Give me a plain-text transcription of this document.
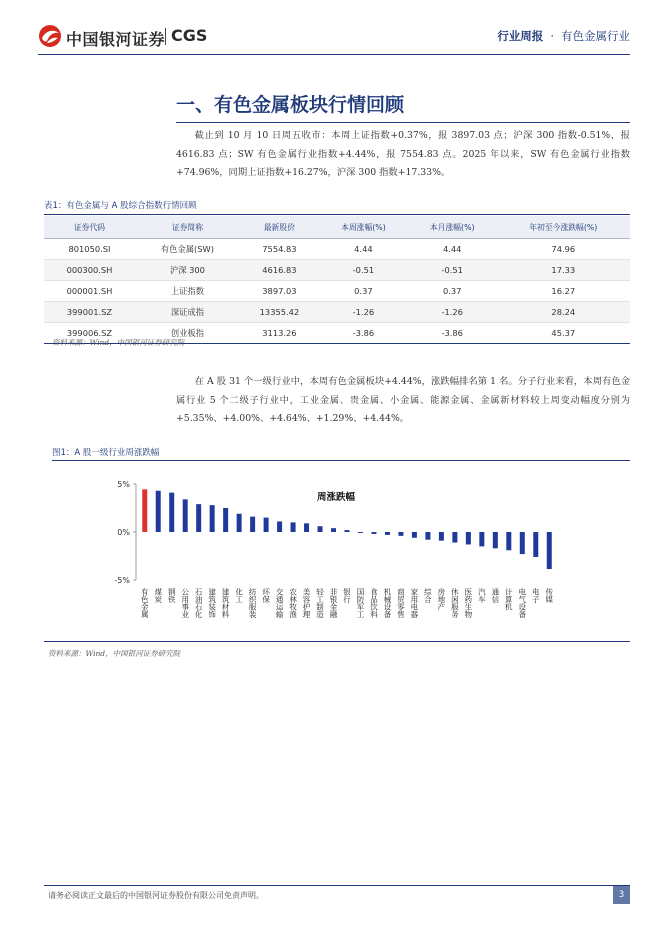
中国银河证券 CGS	行业周报 · 有色金属行业
一、有色金属板块行情回顾

截止到 10 月 10 日周五收市：本周上证指数+0.37%，报 3897.03 点；沪深 300 指数-0.51%，报 4616.83 点；SW 有色金属行业指数+4.44%，报 7554.83 点。2025 年以来，SW 有色金属行业指数+74.96%，同期上证指数+16.27%，沪深 300 指数+17.33%。

表1：有色金属与 A 股综合指数行情回顾
证券代码	证券简称	最新股价	本周涨幅(%)	本月涨幅(%)	年初至今涨跌幅(%)
801050.SI	有色金属(SW)	7554.83	4.44	4.44	74.96
000300.SH	沪深 300	4616.83	-0.51	-0.51	17.33
000001.SH	上证指数	3897.03	0.37	0.37	16.27
399001.SZ	深证成指	13355.42	-1.26	-1.26	28.24
399006.SZ	创业板指	3113.26	-3.86	-3.86	45.37
资料来源：Wind，中国银河证券研究院

在 A 股 31 个一级行业中，本周有色金属板块+4.44%，涨跌幅排名第 1 名。分子行业来看，本周有色金属行业 5 个二级子行业中，工业金属、贵金属、小金属、能源金属、金属新材料较上周变动幅度分别为+5.35%、+4.00%、+4.64%、+1.29%、+4.44%。

图1：A 股一级行业周涨跌幅
周涨跌幅
5%
0%
-5%
有色金属 煤炭 钢铁 公用事业 石油石化 建筑装饰 建筑材料 化工 纺织服装 环保 交通运输 农林牧渔 美容护理 轻工制造 非银金融 银行 国防军工 食品饮料 机械设备 商贸零售 家用电器 综合 房地产 休闲服务 医药生物 汽车 通信 计算机 电气设备 电子 传媒
资料来源：Wind，中国银河证券研究院
请务必阅读正文最后的中国银河证券股份有限公司免责声明。	3
